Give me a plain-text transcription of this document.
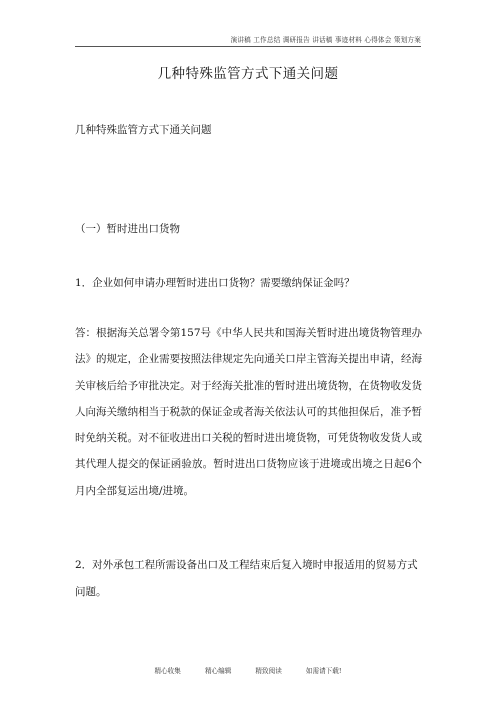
演讲稿 工作总结 调研报告 讲话稿 事迹材料 心得体会 策划方案
几种特殊监管方式下通关问题
几种特殊监管方式下通关问题
（一）暂时进出口货物
1．企业如何申请办理暂时进出口货物？需要缴纳保证金吗？
答：根据海关总署令第157号《中华人民共和国海关暂时进出境货物管理办法》的规定，企业需要按照法律规定先向通关口岸主管海关提出申请，经海关审核后给予审批决定。对于经海关批准的暂时进出境货物，在货物收发货人向海关缴纳相当于税款的保证金或者海关依法认可的其他担保后，准予暂时免纳关税。对不征收进出口关税的暂时进出境货物，可凭货物收发货人或其代理人提交的保证函验放。暂时进出口货物应该于进境或出境之日起6个月内全部复运出境/进境。
2．对外承包工程所需设备出口及工程结束后复入境时申报适用的贸易方式问题。
精心收集	精心编辑	精致阅读	如需请下载!
